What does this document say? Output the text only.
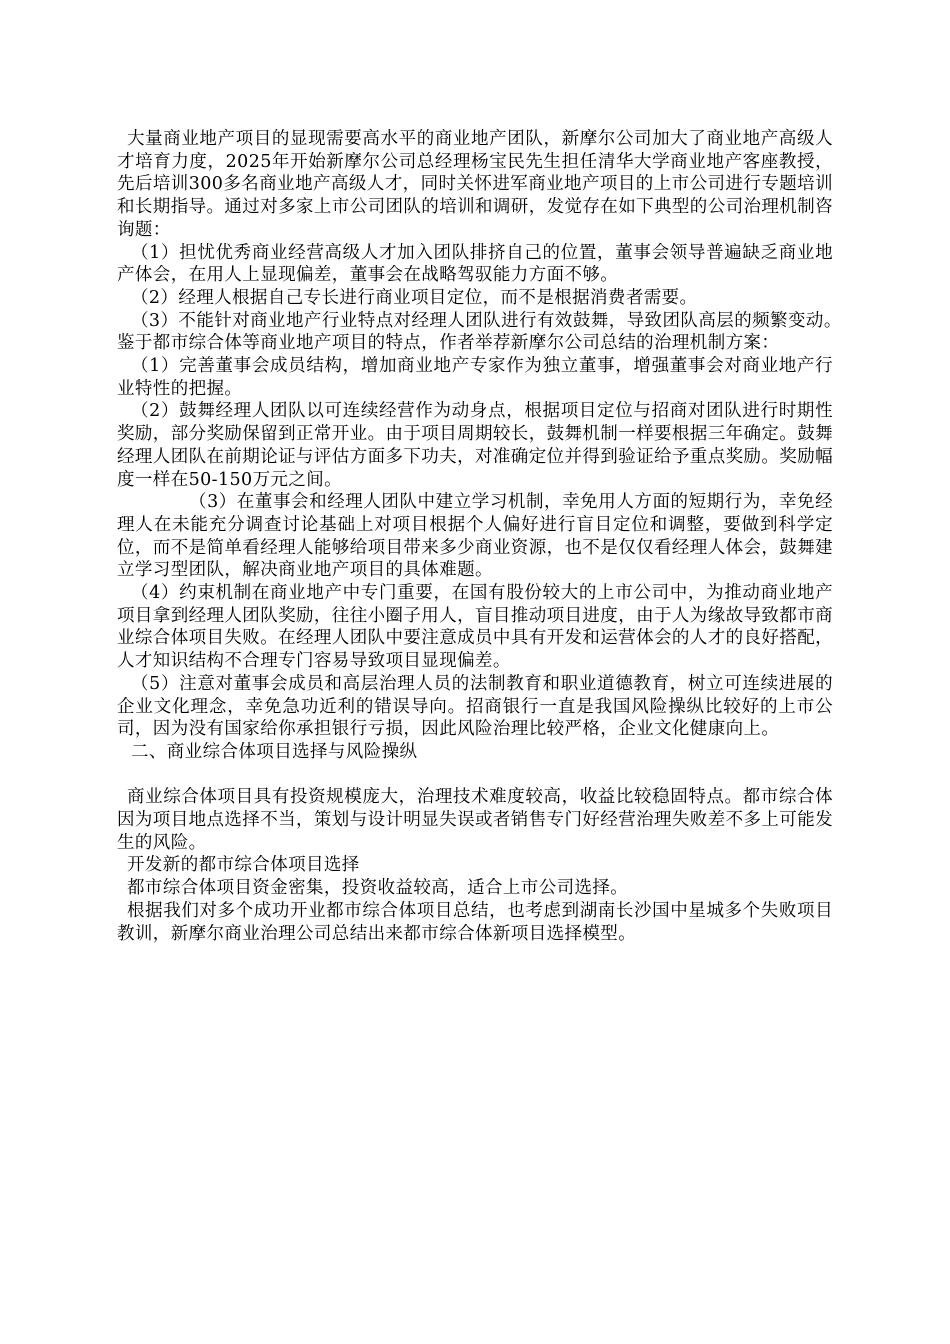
大量商业地产项目的显现需要高水平的商业地产团队，新摩尔公司加大了商业地产高级人才培育力度，2025年开始新摩尔公司总经理杨宝民先生担任清华大学商业地产客座教授，先后培训300多名商业地产高级人才，同时关怀进军商业地产项目的上市公司进行专题培训和长期指导。通过对多家上市公司团队的培训和调研，发觉存在如下典型的公司治理机制咨询题：

（1）担忧优秀商业经营高级人才加入团队排挤自己的位置，董事会领导普遍缺乏商业地产体会，在用人上显现偏差，董事会在战略驾驭能力方面不够。

（2）经理人根据自己专长进行商业项目定位，而不是根据消费者需要。

（3）不能针对商业地产行业特点对经理人团队进行有效鼓舞，导致团队高层的频繁变动。　　鉴于都市综合体等商业地产项目的特点，作者举荐新摩尔公司总结的治理机制方案：

（1）完善董事会成员结构，增加商业地产专家作为独立董事，增强董事会对商业地产行业特性的把握。

（2）鼓舞经理人团队以可连续经营作为动身点，根据项目定位与招商对团队进行时期性奖励，部分奖励保留到正常开业。由于项目周期较长，鼓舞机制一样要根据三年确定。鼓舞经理人团队在前期论证与评估方面多下功夫，对准确定位并得到验证给予重点奖励。奖励幅度一样在50-150万元之间。

（3）在董事会和经理人团队中建立学习机制，幸免用人方面的短期行为，幸免经理人在未能充分调查讨论基础上对项目根据个人偏好进行盲目定位和调整，要做到科学定位，而不是简单看经理人能够给项目带来多少商业资源，也不是仅仅看经理人体会，鼓舞建立学习型团队，解决商业地产项目的具体难题。

（4）约束机制在商业地产中专门重要，在国有股份较大的上市公司中，为推动商业地产项目拿到经理人团队奖励，往往小圈子用人，盲目推动项目进度，由于人为缘故导致都市商业综合体项目失败。在经理人团队中要注意成员中具有开发和运营体会的人才的良好搭配，人才知识结构不合理专门容易导致项目显现偏差。

（5）注意对董事会成员和高层治理人员的法制教育和职业道德教育，树立可连续进展的企业文化理念，幸免急功近利的错误导向。招商银行一直是我国风险操纵比较好的上市公司，因为没有国家给你承担银行亏损，因此风险治理比较严格，企业文化健康向上。

二、商业综合体项目选择与风险操纵

商业综合体项目具有投资规模庞大，治理技术难度较高，收益比较稳固特点。都市综合体因为项目地点选择不当，策划与设计明显失误或者销售专门好经营治理失败差不多上可能发生的风险。

开发新的都市综合体项目选择

都市综合体项目资金密集，投资收益较高，适合上市公司选择。

根据我们对多个成功开业都市综合体项目总结，也考虑到湖南长沙国中星城多个失败项目教训，新摩尔商业治理公司总结出来都市综合体新项目选择模型。
